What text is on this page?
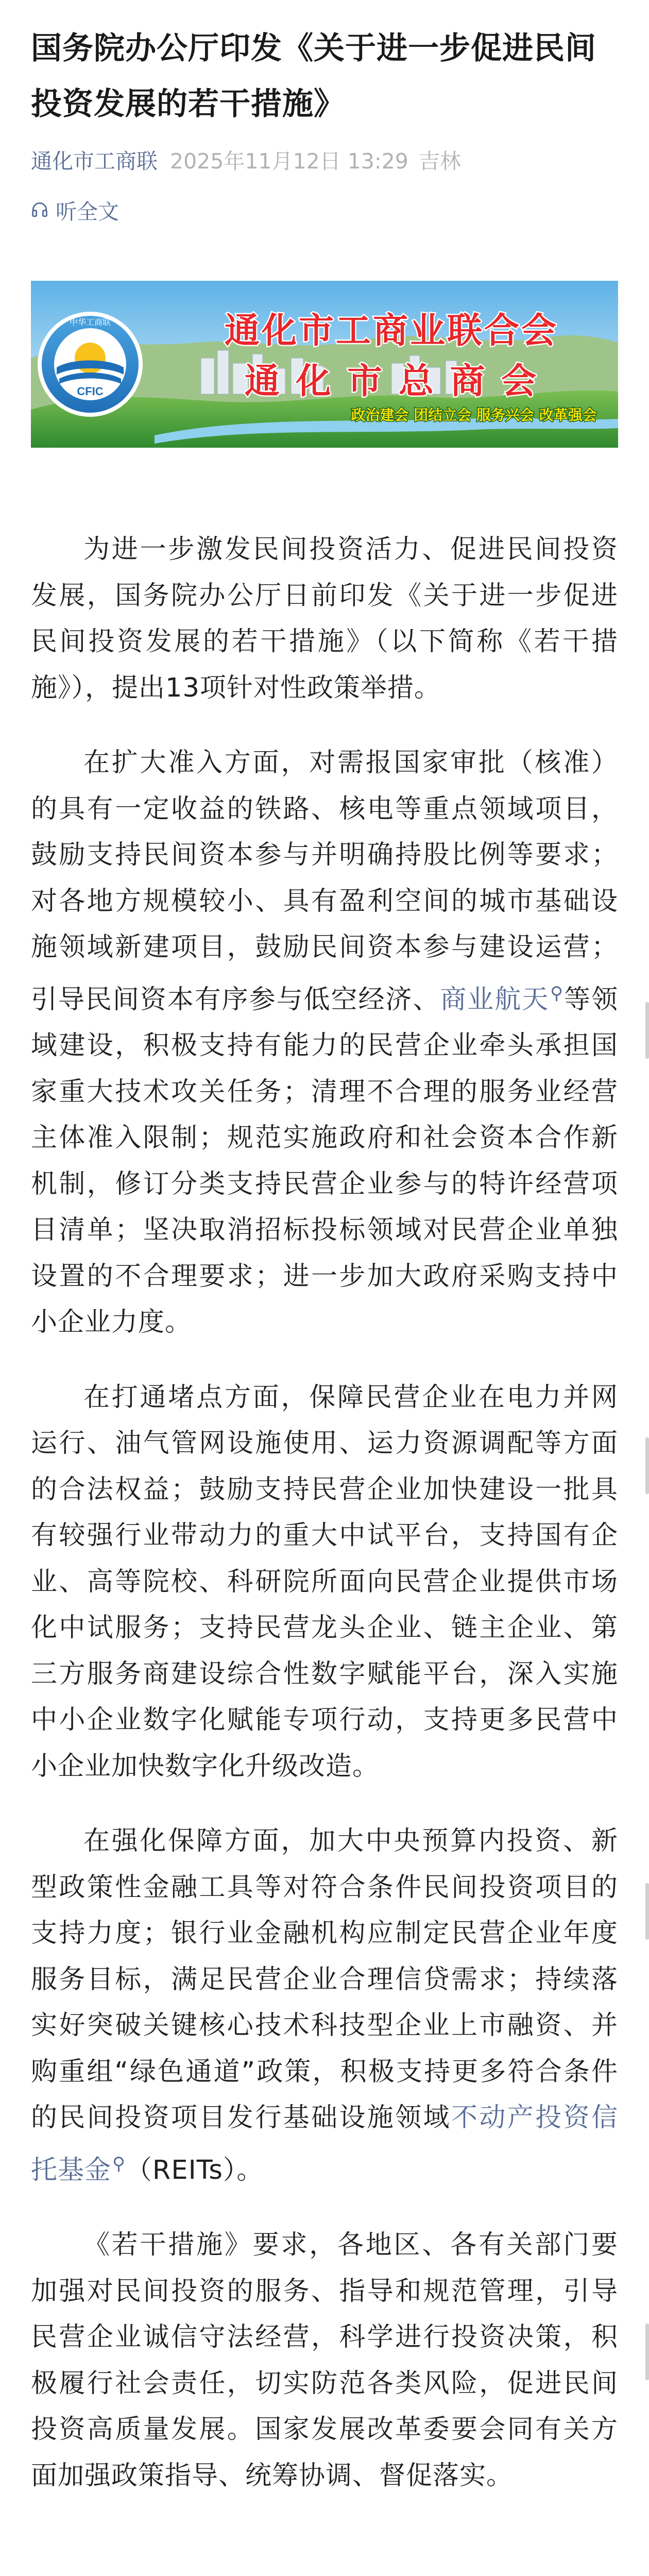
国务院办公厅印发《关于进一步促进民间投资发展的若干措施》
通化市工商联 2025年11月12日 13:29 吉林
听全文
CFIC
中华工商联	通化市工商业联合会
通 化 市 总 商 会
政治建会 团结立会 服务兴会 改革强会

为进一步激发民间投资活力、促进民间投资发展，国务院办公厅日前印发《关于进一步促进民间投资发展的若干措施》（以下简称《若干措施》），提出13项针对性政策举措。

在扩大准入方面，对需报国家审批（核准）的具有一定收益的铁路、核电等重点领域项目，鼓励支持民间资本参与并明确持股比例等要求；对各地方规模较小、具有盈利空间的城市基础设施领域新建项目，鼓励民间资本参与建设运营；引导民间资本有序参与低空经济、商业航天⚲等领域建设，积极支持有能力的民营企业牵头承担国家重大技术攻关任务；清理不合理的服务业经营主体准入限制；规范实施政府和社会资本合作新机制，修订分类支持民营企业参与的特许经营项目清单；坚决取消招标投标领域对民营企业单独设置的不合理要求；进一步加大政府采购支持中小企业力度。

在打通堵点方面，保障民营企业在电力并网运行、油气管网设施使用、运力资源调配等方面的合法权益；鼓励支持民营企业加快建设一批具有较强行业带动力的重大中试平台，支持国有企业、高等院校、科研院所面向民营企业提供市场化中试服务；支持民营龙头企业、链主企业、第三方服务商建设综合性数字赋能平台，深入实施中小企业数字化赋能专项行动，支持更多民营中小企业加快数字化升级改造。

在强化保障方面，加大中央预算内投资、新型政策性金融工具等对符合条件民间投资项目的支持力度；银行业金融机构应制定民营企业年度服务目标，满足民营企业合理信贷需求；持续落实好突破关键核心技术科技型企业上市融资、并购重组“绿色通道”政策，积极支持更多符合条件的民间投资项目发行基础设施领域不动产投资信托基金⚲（REITs）。

《若干措施》要求，各地区、各有关部门要加强对民间投资的服务、指导和规范管理，引导民营企业诚信守法经营，科学进行投资决策，积极履行社会责任，切实防范各类风险，促进民间投资高质量发展。国家发展改革委要会同有关方面加强政策指导、统筹协调、督促落实。
